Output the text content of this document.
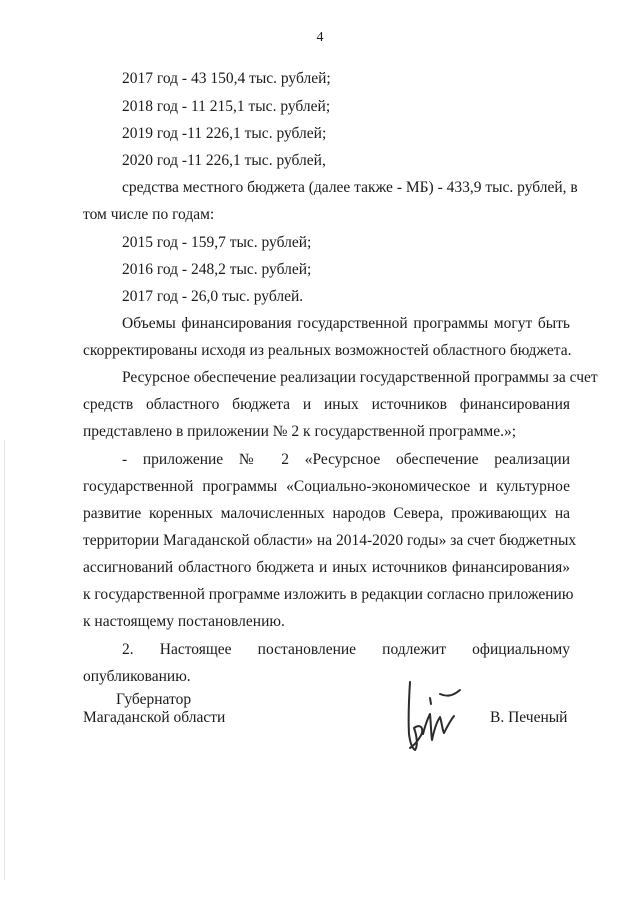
4
2017 год - 43 150,4 тыс. рублей;
2018 год - 11 215,1 тыс. рублей;
2019 год -11 226,1 тыс. рублей;
2020 год -11 226,1 тыс. рублей,
средства местного бюджета (далее также - МБ) - 433,9 тыс. рублей, в
том числе по годам:
2015 год - 159,7 тыс. рублей;
2016 год - 248,2 тыс. рублей;
2017 год - 26,0 тыс. рублей.
Объемы финансирования государственной программы могут быть
скорректированы исходя из реальных возможностей областного бюджета.
Ресурсное обеспечение реализации государственной программы за счет
средств областного бюджета и иных источников финансирования
представлено в приложении № 2 к государственной программе.»;
- приложение № 2 «Ресурсное обеспечение реализации
государственной программы «Социально-экономическое и культурное
развитие коренных малочисленных народов Севера, проживающих на
территории Магаданской области» на 2014-2020 годы» за счет бюджетных
ассигнований областного бюджета и иных источников финансирования»
к государственной программе изложить в редакции согласно приложению
к настоящему постановлению.
2. Настоящее постановление подлежит официальному
опубликованию.
Губернатор
Магаданской области	В. Печеный
